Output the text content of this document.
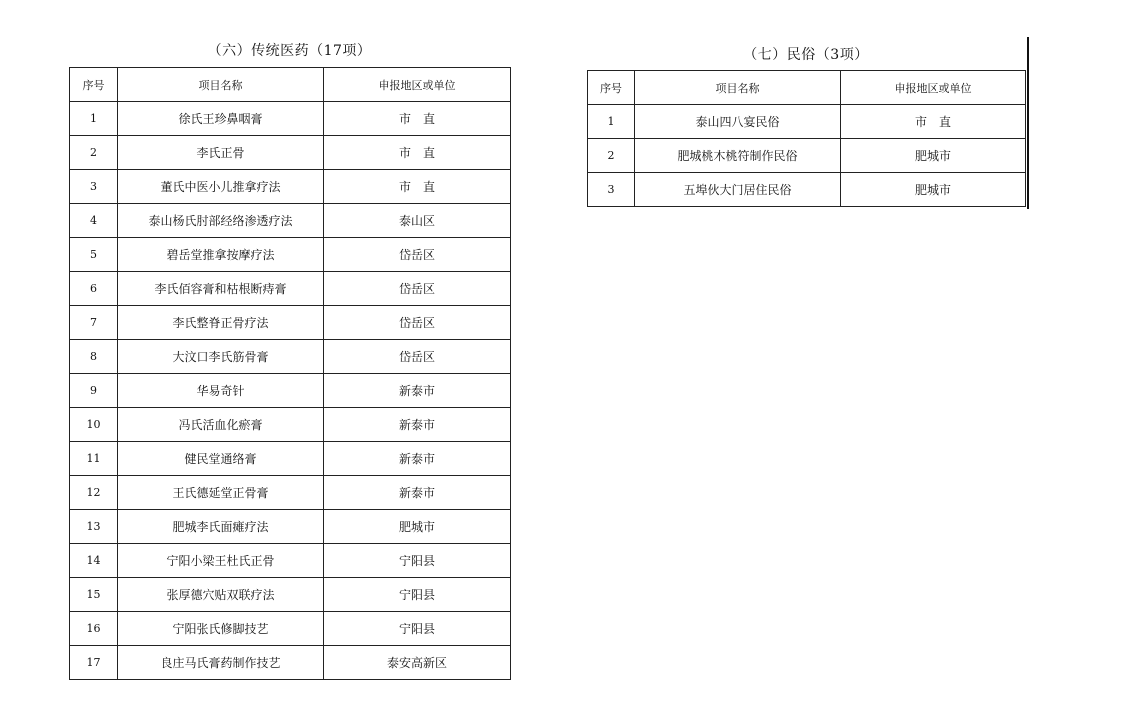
（六）传统医药（17项）
序号	项目名称	申报地区或单位
1	徐氏王珍鼻咽膏	市　直
2	李氏正骨	市　直
3	董氏中医小儿推拿疗法	市　直
4	泰山杨氏肘部经络渗透疗法	泰山区
5	碧岳堂推拿按摩疗法	岱岳区
6	李氏佰容膏和枯根断痔膏	岱岳区
7	李氏整脊正骨疗法	岱岳区
8	大汶口李氏筋骨膏	岱岳区
9	华易奇针	新泰市
10	冯氏活血化瘀膏	新泰市
11	健民堂通络膏	新泰市
12	王氏德延堂正骨膏	新泰市
13	肥城李氏面瘫疗法	肥城市
14	宁阳小梁王杜氏正骨	宁阳县
15	张厚德穴贴双联疗法	宁阳县
16	宁阳张氏修脚技艺	宁阳县
17	良庄马氏膏药制作技艺	泰安高新区
（七）民俗（3项）
序号	项目名称	申报地区或单位
1	泰山四八宴民俗	市　直
2	肥城桃木桃符制作民俗	肥城市
3	五埠伙大门居住民俗	肥城市
